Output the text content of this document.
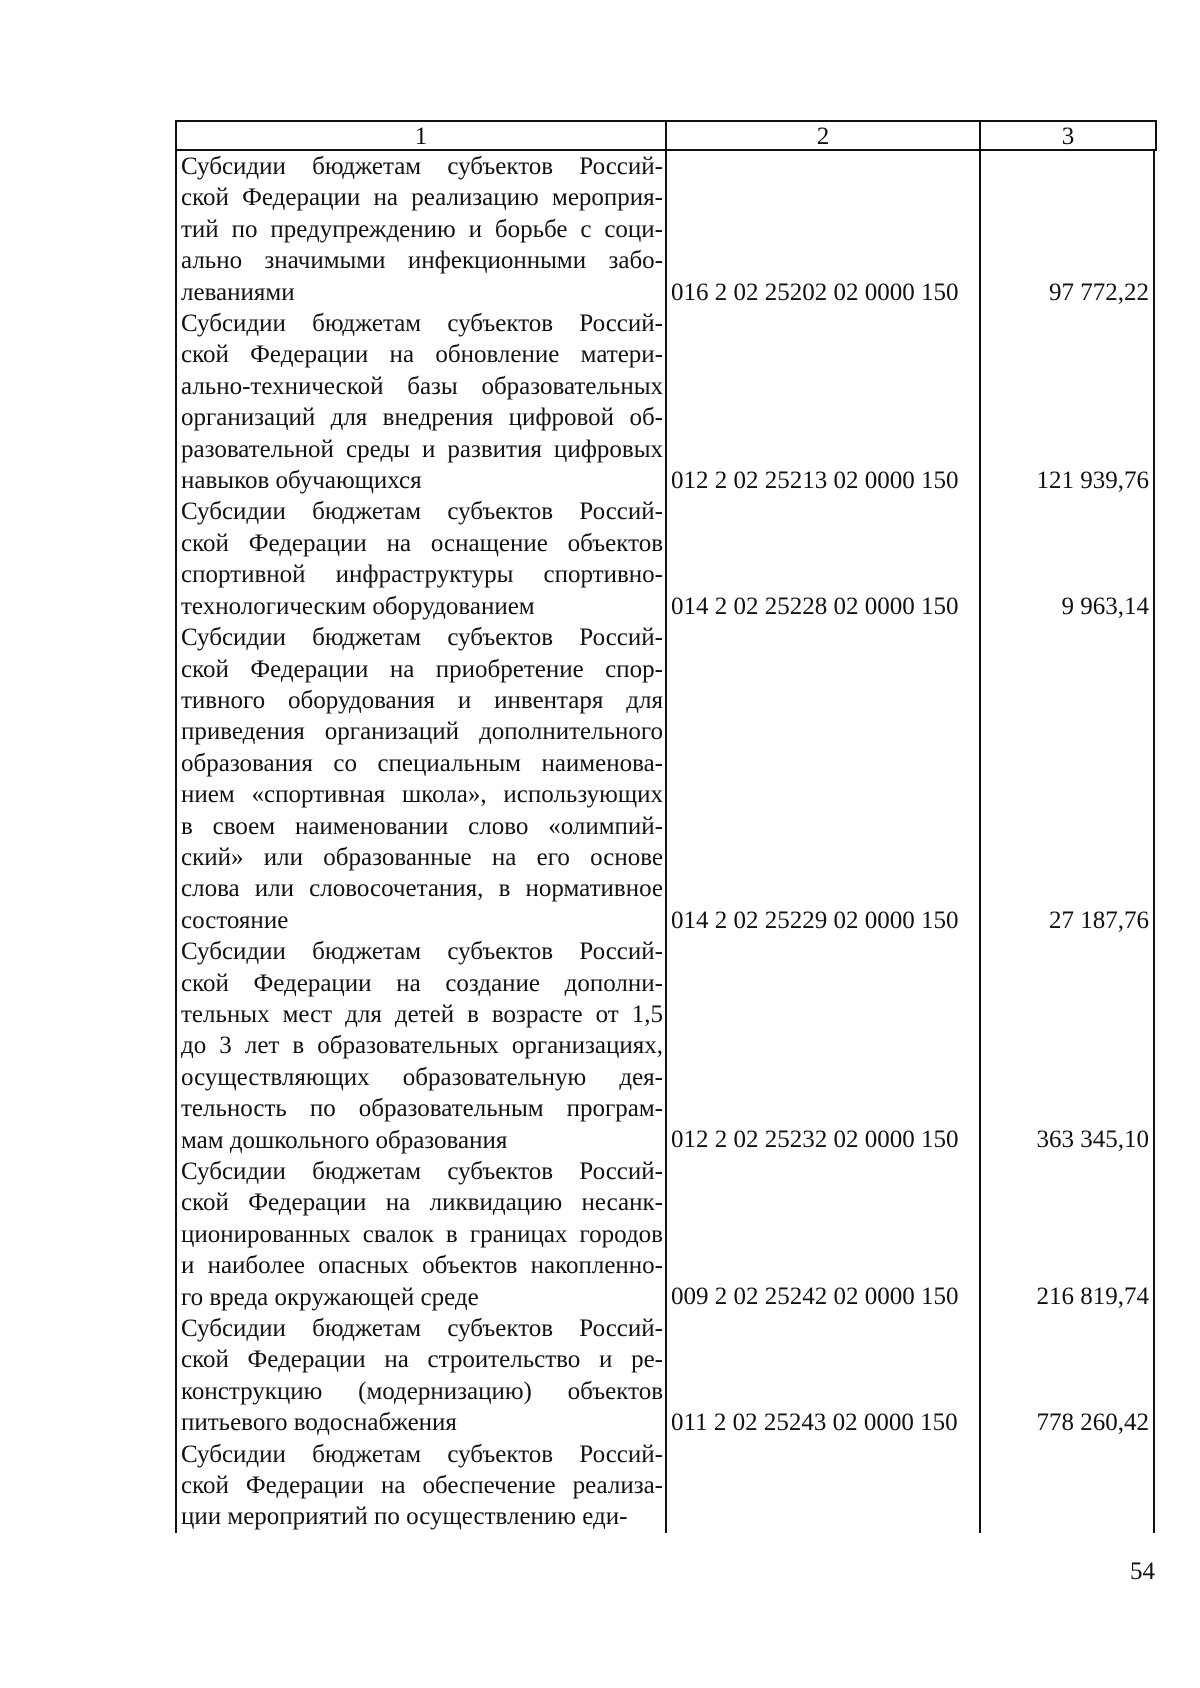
1	2	3
Субсидии бюджетам субъектов Россий-
ской Федерации на реализацию мероприя-
тий по предупреждению и борьбе с соци-
ально значимыми инфекционными забо-
леваниями
Субсидии бюджетам субъектов Россий-
ской Федерации на обновление матери-
ально-технической базы образовательных
организаций для внедрения цифровой об-
разовательной среды и развития цифровых
навыков обучающихся
Субсидии бюджетам субъектов Россий-
ской Федерации на оснащение объектов
спортивной инфраструктуры спортивно-
технологическим оборудованием
Субсидии бюджетам субъектов Россий-
ской Федерации на приобретение спор-
тивного оборудования и инвентаря для
приведения организаций дополнительного
образования со специальным наименова-
нием «спортивная школа», использующих
в своем наименовании слово «олимпий-
ский» или образованные на его основе
слова или словосочетания, в нормативное
состояние
Субсидии бюджетам субъектов Россий-
ской Федерации на создание дополни-
тельных мест для детей в возрасте от 1,5
до 3 лет в образовательных организациях,
осуществляющих образовательную дея-
тельность по образовательным програм-
мам дошкольного образования
Субсидии бюджетам субъектов Россий-
ской Федерации на ликвидацию несанк-
ционированных свалок в границах городов
и наиболее опасных объектов накопленно-
го вреда окружающей среде
Субсидии бюджетам субъектов Россий-
ской Федерации на строительство и ре-
конструкцию (модернизацию) объектов
питьевого водоснабжения
Субсидии бюджетам субъектов Россий-
ской Федерации на обеспечение реализа-
ции мероприятий по осуществлению еди-
016 2 02 25202 02 0000 150
012 2 02 25213 02 0000 150
014 2 02 25228 02 0000 150
014 2 02 25229 02 0000 150
012 2 02 25232 02 0000 150
009 2 02 25242 02 0000 150
011 2 02 25243 02 0000 150
97 772,22
121 939,76
9 963,14
27 187,76
363 345,10
216 819,74
778 260,42
54
